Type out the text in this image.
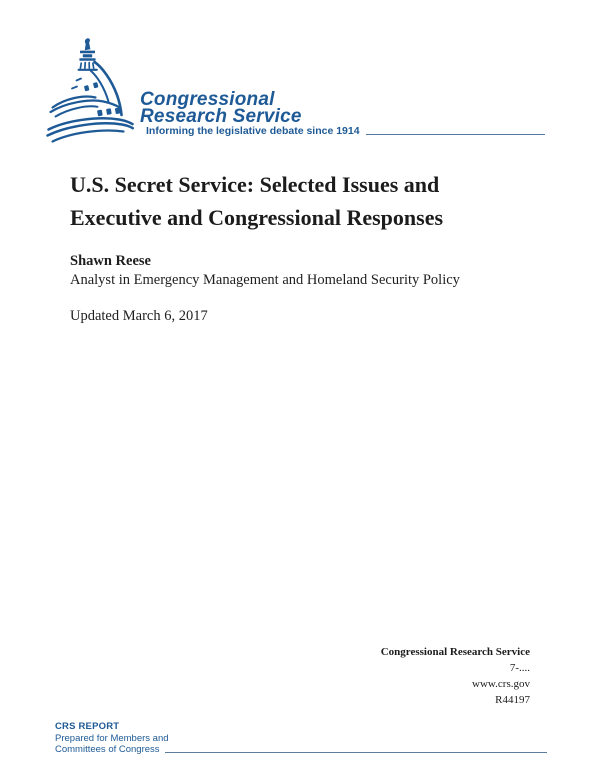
Congressional
Research Service
Informing the legislative debate since 1914
U.S. Secret Service: Selected Issues and
Executive and Congressional Responses
Shawn Reese
Analyst in Emergency Management and Homeland Security Policy
Updated March 6, 2017
Congressional Research Service
7-....
www.crs.gov
R44197
CRS REPORT
Prepared for Members and
Committees of Congress
